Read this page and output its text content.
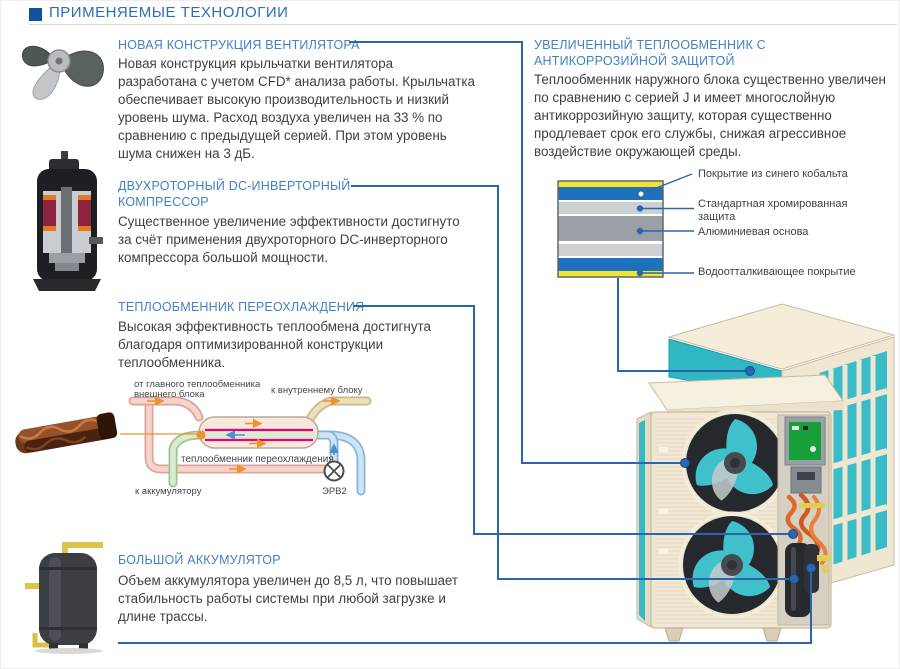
ПРИМЕНЯЕМЫЕ ТЕХНОЛОГИИ
НОВАЯ КОНСТРУКЦИЯ ВЕНТИЛЯТОРА
Новая конструкция крыльчатки вентилятора разработана с учетом CFD* анализа работы. Крыльчатка обеспечивает высокую производительность и низкий уровень шума. Расход воздуха увеличен на 33 % по сравнению с предыдущей серией. При этом уровень шума снижен на 3 дБ.
ДВУХРОТОРНЫЙ DC-ИНВЕРТОРНЫЙ КОМПРЕССОР
Существенное увеличение эффективности достигнуто за счёт применения двухроторного DC-инверторного компрессора большой мощности.
ТЕПЛООБМЕННИК ПЕРЕОХЛАЖДЕНИЯ
Высокая эффективность теплообмена достигнута благодаря оптимизированной конструкции теплообменника.
БОЛЬШОЙ АККУМУЛЯТОР
Объем аккумулятора увеличен до 8,5 л, что повышает стабильность работы системы при любой загрузке и длине трассы.
УВЕЛИЧЕННЫЙ ТЕПЛООБМЕННИК С АНТИКОРРОЗИЙНОЙ ЗАЩИТОЙ
Теплообменник наружного блока существенно увеличен по сравнению с серией J и имеет многослойную антикоррозийную защиту, которая существенно продлевает срок его службы, снижая агрессивное воздействие окружающей среды.
от главного теплообменника
внешнего блока	к внутреннему блоку
теплообменник переохлаждения
к аккумулятору	ЭРВ2
Покрытие из синего кобальта
Стандартная хромированная защита
Алюминиевая основа
Водоотталкивающее покрытие
